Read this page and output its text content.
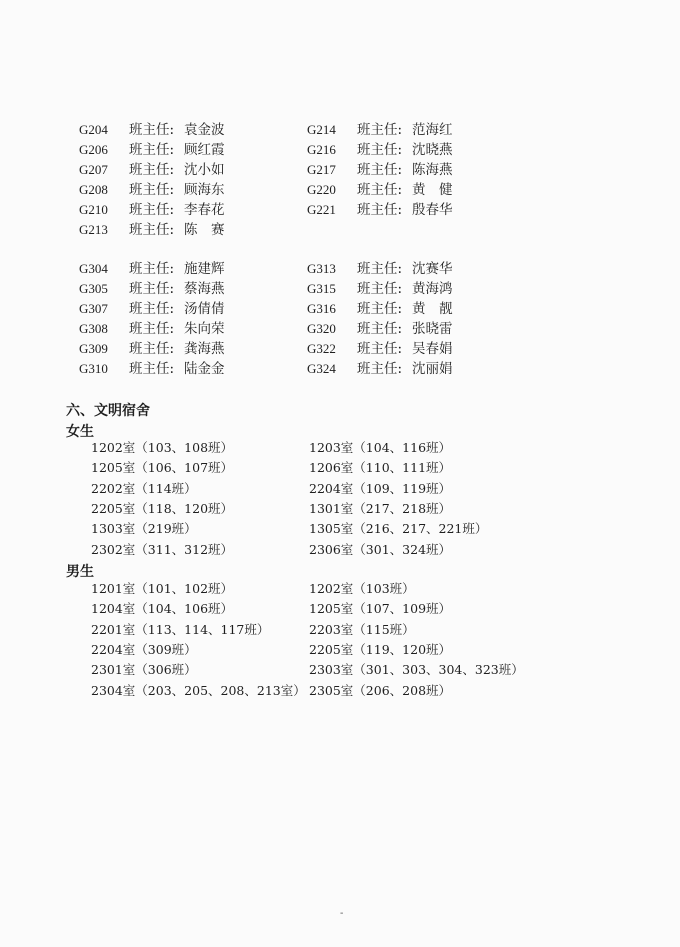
G204 班主任: 袁金波
G206 班主任: 顾红霞
G207 班主任: 沈小如
G208 班主任: 顾海东
G210 班主任: 李春花
G213 班主任: 陈　赛
G214 班主任: 范海红
G216 班主任: 沈晓燕
G217 班主任: 陈海燕
G220 班主任: 黄　健
G221 班主任: 殷春华
G304 班主任: 施建辉
G305 班主任: 蔡海燕
G307 班主任: 汤倩倩
G308 班主任: 朱向荣
G309 班主任: 龚海燕
G310 班主任: 陆金金
G313 班主任: 沈赛华
G315 班主任: 黄海鸿
G316 班主任: 黄　靓
G320 班主任: 张晓雷
G322 班主任: 吴春娟
G324 班主任: 沈丽娟
六、文明宿舍
女生
男生
1202室（103、108班）
1205室（106、107班）
2202室（114班）
2205室（118、120班）
1303室（219班）
2302室（311、312班）
1203室（104、116班）
1206室（110、111班）
2204室（109、119班）
1301室（217、218班）
1305室（216、217、221班）
2306室（301、324班）
1201室（101、102班）
1204室（104、106班）
2201室（113、114、117班）
2204室（309班）
2301室（306班）
2304室（203、205、208、213室）
1202室（103班）
1205室（107、109班）
2203室（115班）
2205室（119、120班）
2303室（301、303、304、323班）
2305室（206、208班）
-
